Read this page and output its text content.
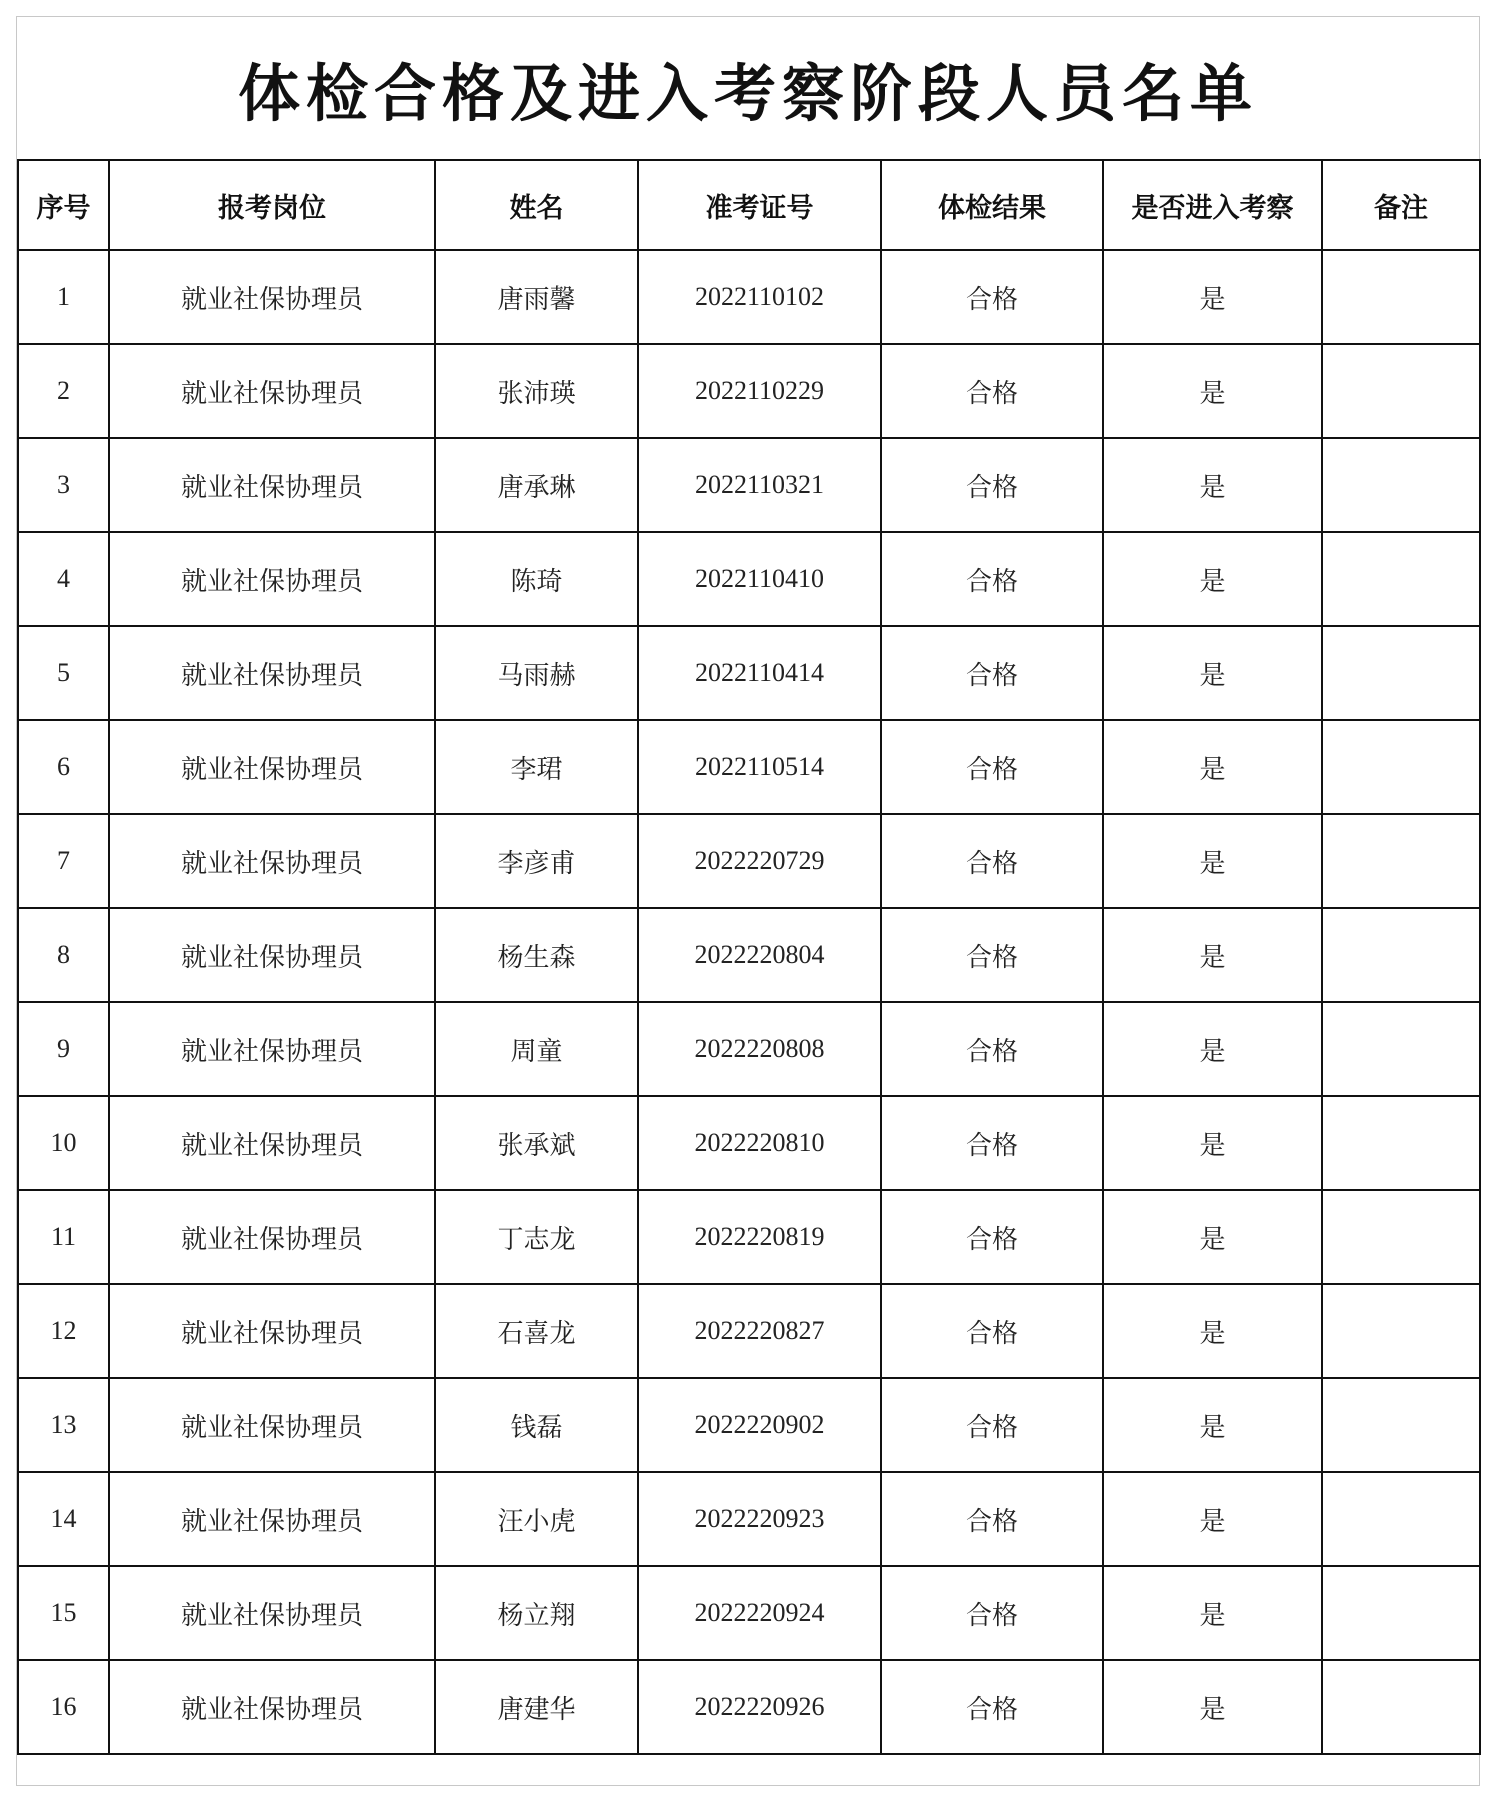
体检合格及进入考察阶段人员名单
序号	报考岗位	姓名	准考证号	体检结果	是否进入考察	备注
1	就业社保协理员	唐雨馨	2022110102	合格	是	
2	就业社保协理员	张沛瑛	2022110229	合格	是	
3	就业社保协理员	唐承琳	2022110321	合格	是	
4	就业社保协理员	陈琦	2022110410	合格	是	
5	就业社保协理员	马雨赫	2022110414	合格	是	
6	就业社保协理员	李珺	2022110514	合格	是	
7	就业社保协理员	李彦甫	2022220729	合格	是	
8	就业社保协理员	杨生森	2022220804	合格	是	
9	就业社保协理员	周童	2022220808	合格	是	
10	就业社保协理员	张承斌	2022220810	合格	是	
11	就业社保协理员	丁志龙	2022220819	合格	是	
12	就业社保协理员	石喜龙	2022220827	合格	是	
13	就业社保协理员	钱磊	2022220902	合格	是	
14	就业社保协理员	汪小虎	2022220923	合格	是	
15	就业社保协理员	杨立翔	2022220924	合格	是	
16	就业社保协理员	唐建华	2022220926	合格	是	
